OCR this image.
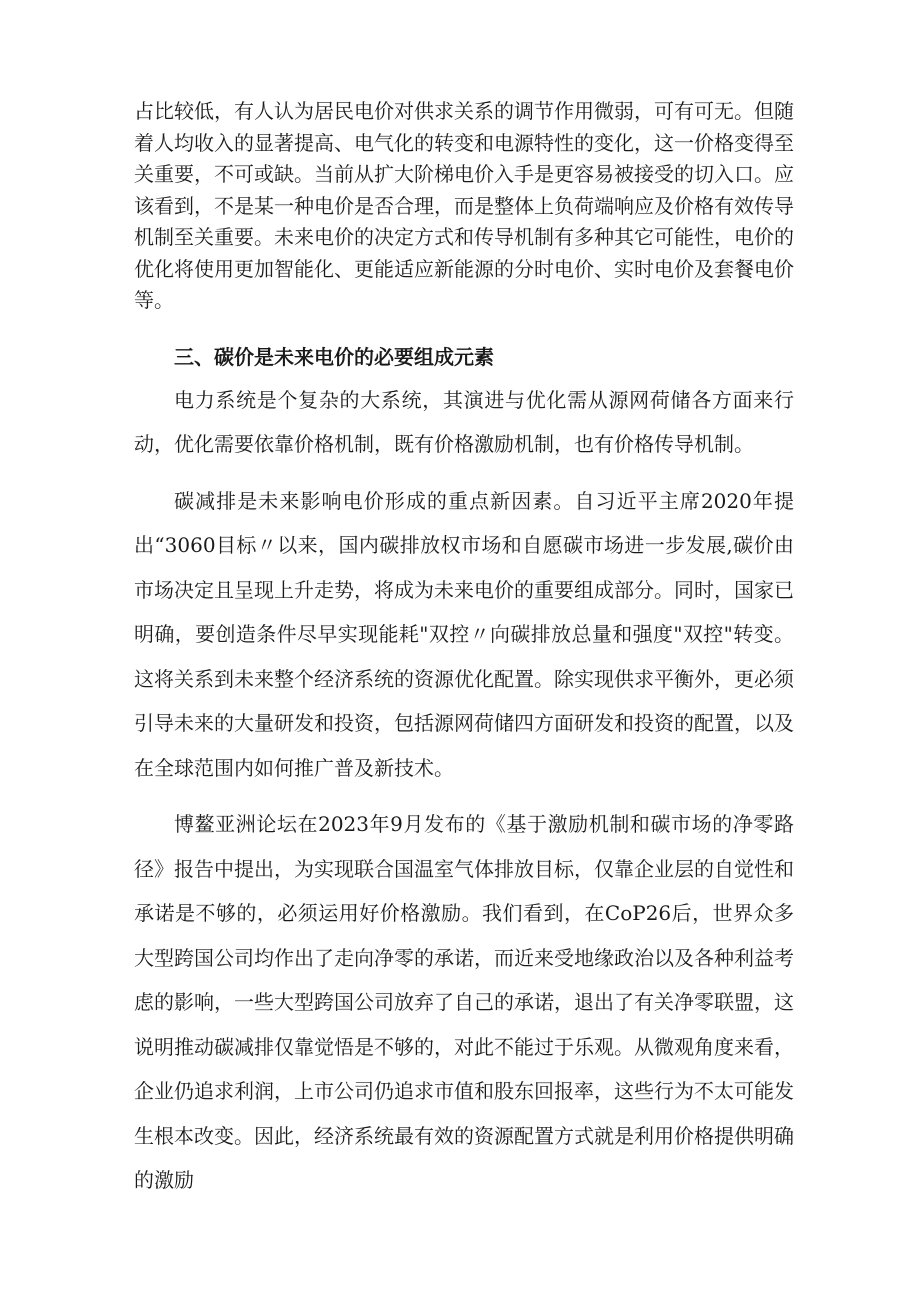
占比较低，有人认为居民电价对供求关系的调节作用微弱，可有可无。但随着人均收入的显著提高、电气化的转变和电源特性的变化，这一价格变得至关重要，不可或缺。当前从扩大阶梯电价入手是更容易被接受的切入口。应该看到，不是某一种电价是否合理，而是整体上负荷端响应及价格有效传导机制至关重要。未来电价的决定方式和传导机制有多种其它可能性，电价的优化将使用更加智能化、更能适应新能源的分时电价、实时电价及套餐电价等。

三、碳价是未来电价的必要组成元素

电力系统是个复杂的大系统，其演进与优化需从源网荷储各方面来行动，优化需要依靠价格机制，既有价格激励机制，也有价格传导机制。

碳减排是未来影响电价形成的重点新因素。自习近平主席2020年提出“3060目标〃以来，国内碳排放权市场和自愿碳市场进一步发展,碳价由市场决定且呈现上升走势，将成为未来电价的重要组成部分。同时，国家已明确，要创造条件尽早实现能耗"双控〃向碳排放总量和强度"双控"转变。这将关系到未来整个经济系统的资源优化配置。除实现供求平衡外，更必须引导未来的大量研发和投资，包括源网荷储四方面研发和投资的配置，以及在全球范围内如何推广普及新技术。

博鳌亚洲论坛在2023年9月发布的《基于激励机制和碳市场的净零路径》报告中提出，为实现联合国温室气体排放目标，仅靠企业层的自觉性和承诺是不够的，必须运用好价格激励。我们看到，在CoP26后，世界众多大型跨国公司均作出了走向净零的承诺，而近来受地缘政治以及各种利益考虑的影响，一些大型跨国公司放弃了自己的承诺，退出了有关净零联盟，这说明推动碳减排仅靠觉悟是不够的，对此不能过于乐观。从微观角度来看，企业仍追求利润，上市公司仍追求市值和股东回报率，这些行为不太可能发生根本改变。因此，经济系统最有效的资源配置方式就是利用价格提供明确的激励
